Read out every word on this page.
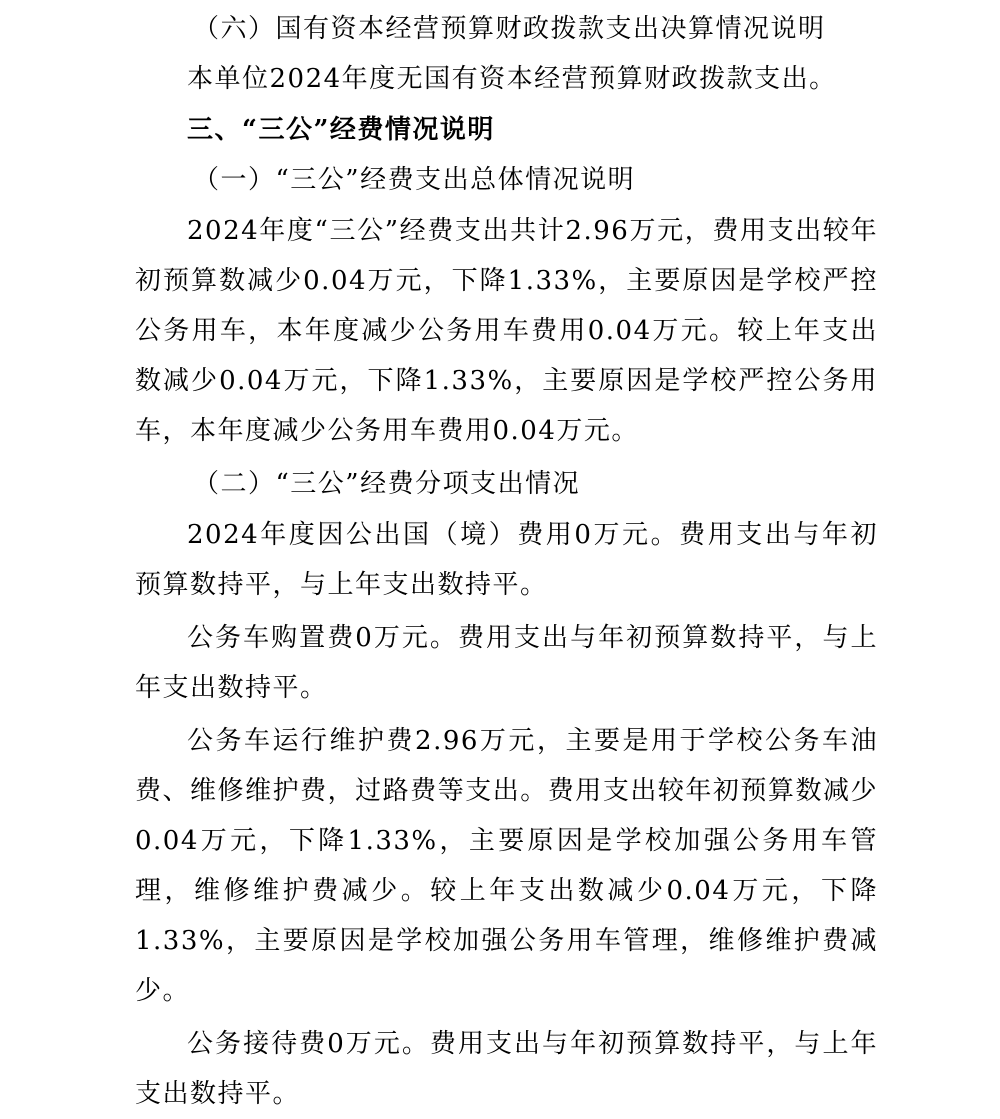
（六）国有资本经营预算财政拨款支出决算情况说明

本单位2024年度无国有资本经营预算财政拨款支出。

三、“三公”经费情况说明

（一）“三公”经费支出总体情况说明

2024年度“三公”经费支出共计2.96万元，费用支出较年初预算数减少0.04万元，下降1.33%，主要原因是学校严控公务用车，本年度减少公务用车费用0.04万元。较上年支出数减少0.04万元，下降1.33%，主要原因是学校严控公务用车，本年度减少公务用车费用0.04万元。

（二）“三公”经费分项支出情况

2024年度因公出国（境）费用0万元。费用支出与年初预算数持平，与上年支出数持平。

公务车购置费0万元。费用支出与年初预算数持平，与上年支出数持平。

公务车运行维护费2.96万元，主要是用于学校公务车油费、维修维护费，过路费等支出。费用支出较年初预算数减少0.04万元，下降1.33%，主要原因是学校加强公务用车管理，维修维护费减少。较上年支出数减少0.04万元，下降1.33%，主要原因是学校加强公务用车管理，维修维护费减少。

公务接待费0万元。费用支出与年初预算数持平，与上年支出数持平。
